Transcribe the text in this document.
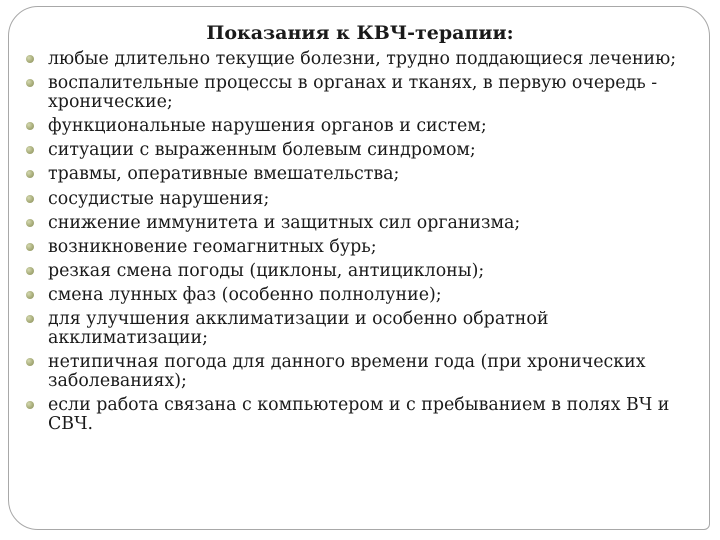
Показания к КВЧ-терапии:
любые длительно текущие болезни, трудно поддающиеся лечению;
воспалительные процессы в органах и тканях, в первую очередь - хронические;
функциональные нарушения органов и систем;
ситуации с выраженным болевым синдромом;
травмы, оперативные вмешательства;
сосудистые нарушения;
снижение иммунитета и защитных сил организма;
возникновение геомагнитных бурь;
резкая смена погоды (циклоны, антициклоны);
смена лунных фаз (особенно полнолуние);
для улучшения акклиматизации и особенно обратной акклиматизации;
нетипичная погода для данного времени года (при хронических заболеваниях);
если работа связана с компьютером и с пребыванием в полях ВЧ и СВЧ.
